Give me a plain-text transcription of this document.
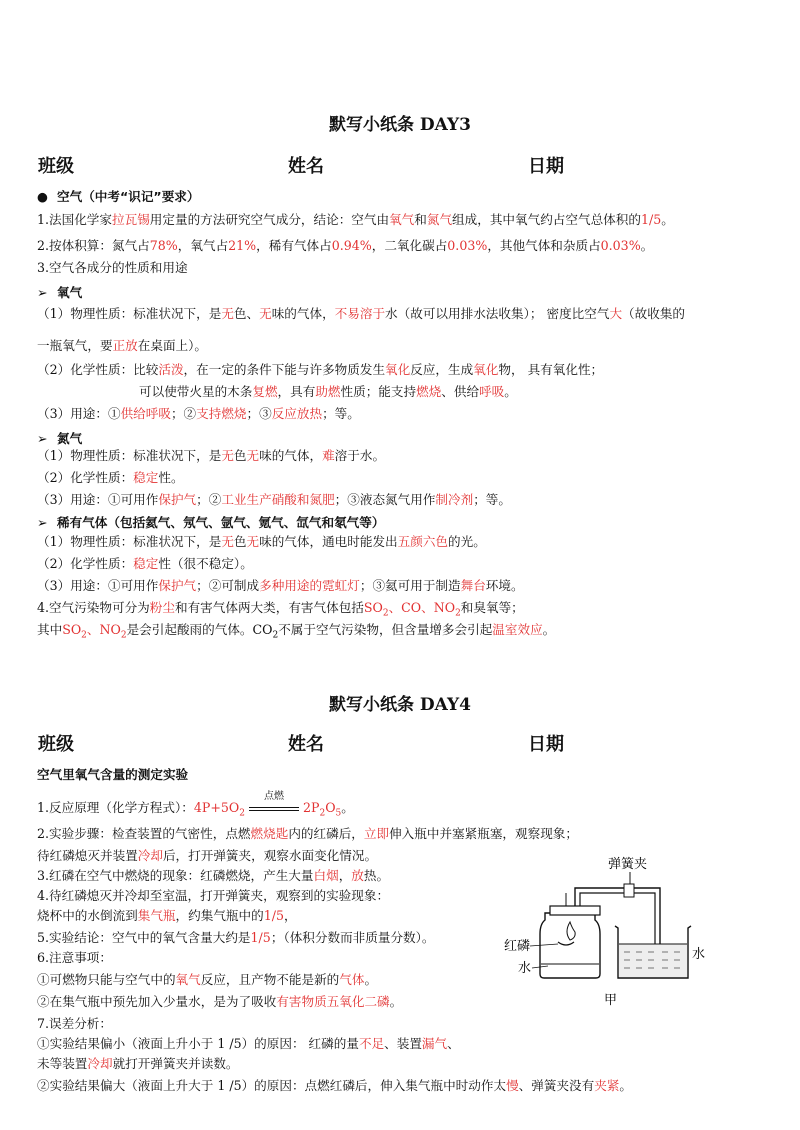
默写小纸条 DAY3
班级	姓名	日期
● 空气（中考“识记”要求）
1.法国化学家拉瓦锡用定量的方法研究空气成分，结论：空气由氧气和氮气组成，其中氧气约占空气总体积的1/5。
2.按体积算：氮气占78%，氧气占21%，稀有气体占0.94%，二氧化碳占0.03%，其他气体和杂质占0.03%。
3.空气各成分的性质和用途
➢ 氧气
（1）物理性质：标准状况下，是无色、无味的气体，不易溶于水（故可以用排水法收集）； 密度比空气大（故收集的
一瓶氧气，要正放在桌面上）。
（2）化学性质：比较活泼，在一定的条件下能与许多物质发生氧化反应，生成氧化物， 具有氧化性；
可以使带火星的木条复燃，具有助燃性质；能支持燃烧、供给呼吸。
（3）用途：①供给呼吸；②支持燃烧；③反应放热；等。
➢ 氮气
（1）物理性质：标准状况下，是无色无味的气体，难溶于水。
（2）化学性质：稳定性。
（3）用途：①可用作保护气；②工业生产硝酸和氮肥；③液态氮气用作制冷剂；等。
➢ 稀有气体（包括氦气、氖气、氩气、氪气、氙气和氡气等）
（1）物理性质：标准状况下，是无色无味的气体，通电时能发出五颜六色的光。
（2）化学性质：稳定性（很不稳定）。
（3）用途：①可用作保护气；②可制成多种用途的霓虹灯；③氦可用于制造舞台环境。
4.空气污染物可分为粉尘和有害气体两大类，有害气体包括$SO_2$、CO、$NO_2$和臭氧等；
其中$SO_2$、$NO_2$是会引起酸雨的气体。$CO_2$不属于空气污染物，但含量增多会引起温室效应。
默写小纸条 DAY4
班级	姓名	日期
空气里氧气含量的测定实验
1.反应原理（化学方程式）：$4P+5O_2$
点燃
$2P_2O_5$。
2.实验步骤：检查装置的气密性，点燃燃烧匙内的红磷后，立即伸入瓶中并塞紧瓶塞，观察现象；
待红磷熄灭并装置冷却后，打开弹簧夹，观察水面变化情况。
3.红磷在空气中燃烧的现象：红磷燃烧，产生大量白烟，放热。
4.待红磷熄灭并冷却至室温，打开弹簧夹，观察到的实验现象：
烧杯中的水倒流到集气瓶，约集气瓶中的1/5，
5.实验结论：空气中的氧气含量大约是1/5；（体积分数而非质量分数）。
6.注意事项：
①可燃物只能与空气中的氧气反应，且产物不能是新的气体。
②在集气瓶中预先加入少量水，是为了吸收有害物质五氧化二磷。
7.误差分析：
①实验结果偏小（液面上升小于 1 /5）的原因： 红磷的量不足、装置漏气、
未等装置冷却就打开弹簧夹并读数。
②实验结果偏大（液面上升大于 1 /5）的原因：点燃红磷后，伸入集气瓶中时动作太慢、弹簧夹没有夹紧。
弹簧夹
红磷
水
水
甲
